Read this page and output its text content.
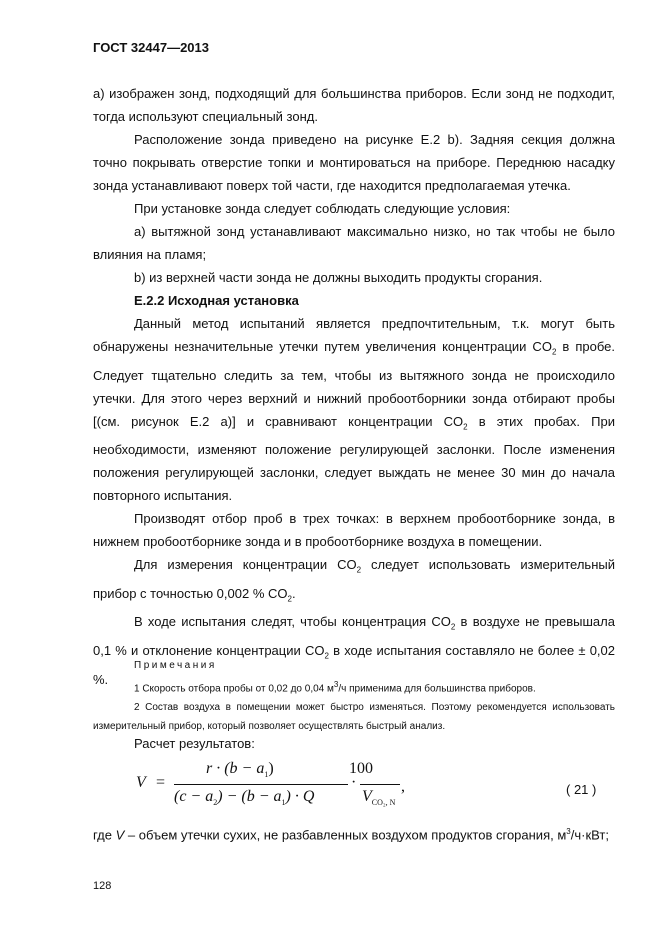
ГОСТ 32447—2013

а) изображен зонд, подходящий для большинства приборов. Если зонд не подходит, тогда используют специальный зонд.

Расположение зонда приведено на рисунке Е.2 b). Задняя секция должна точно покрывать отверстие топки и монтироваться на приборе. Переднюю насадку зонда устанавливают поверх той части, где находится предполагаемая утечка.

При установке зонда следует соблюдать следующие условия:

а) вытяжной зонд устанавливают максимально низко, но так чтобы не было влияния на пламя;

b) из верхней части зонда не должны выходить продукты сгорания.

Е.2.2 Исходная установка

Данный метод испытаний является предпочтительным, т.к. могут быть обнаружены незначительные утечки путем увеличения концентрации $CO_2$ в пробе. Следует тщательно следить за тем, чтобы из вытяжного зонда не происходило утечки. Для этого через верхний и нижний пробоотборники зонда отбирают пробы [(см. рисунок Е.2 а)] и сравнивают концентрации $CO_2$ в этих пробах. При необходимости, изменяют положение регулирующей заслонки. После изменения положения регулирующей заслонки, следует выждать не менее 30 мин до начала повторного испытания.

Производят отбор проб в трех точках: в верхнем пробоотборнике зонда, в нижнем пробоотборнике зонда и в пробоотборнике воздуха в помещении.

Для измерения концентрации $CO_2$ следует использовать измерительный прибор с точностью 0,002 % $CO_2$.

В ходе испытания следят, чтобы концентрация $CO_2$ в воздухе не превышала 0,1 % и отклонение концентрации $CO_2$ в ходе испытания составляло не более ± 0,02 %.

Примечания

1 Скорость отбора пробы от 0,02 до 0,04 $м^3/ч$ применима для большинства приборов.

2 Состав воздуха в помещении может быстро изменяться. Поэтому рекомендуется использовать измерительный прибор, который позволяет осуществлять быстрый анализ.

Расчет результатов:
V =
$r \cdot (b - a_1)$
$(c - a_2) - (b - a_1) \cdot Q$
·
100
$V_{CO_2, N}$
,	( 21 )
где V – объем утечки сухих, не разбавленных воздухом продуктов сгорания, $м^3/ч\cdot кВт$;
128
